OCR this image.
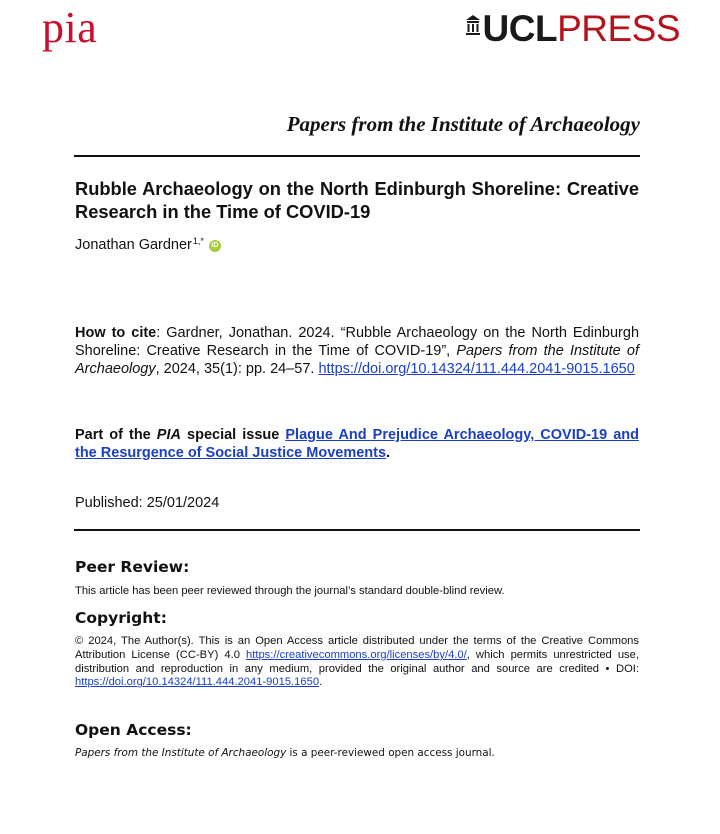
pia	UCL PRESS
Papers from the Institute of Archaeology
Rubble Archaeology on the North Edinburgh Shoreline: Creative Research in the Time of COVID-19
Jonathan Gardner$^{1,*}$	iD

How to cite: Gardner, Jonathan. 2024. “Rubble Archaeology on the North Edinburgh Shoreline: Creative Research in the Time of COVID-19”, Papers from the Institute of Archaeology, 2024, 35(1): pp. 24–57. https://doi.org/10.14324/111.444.2041-9015.1650

Part of the PIA special issue Plague And Prejudice Archaeology, COVID-19 and the Resurgence of Social Justice Movements.

Published: 25/01/2024
Peer Review:

This article has been peer reviewed through the journal’s standard double-blind review.

Copyright:

© 2024, The Author(s). This is an Open Access article distributed under the terms of the Creative Commons Attribution License (CC-BY) 4.0 https://creativecommons.org/licenses/by/4.0/, which permits unrestricted use, distribution and reproduction in any medium, provided the original author and source are credited • DOI: https://doi.org/10.14324/111.444.2041-9015.1650.

Open Access:

Papers from the Institute of Archaeology is a peer-reviewed open access journal.
